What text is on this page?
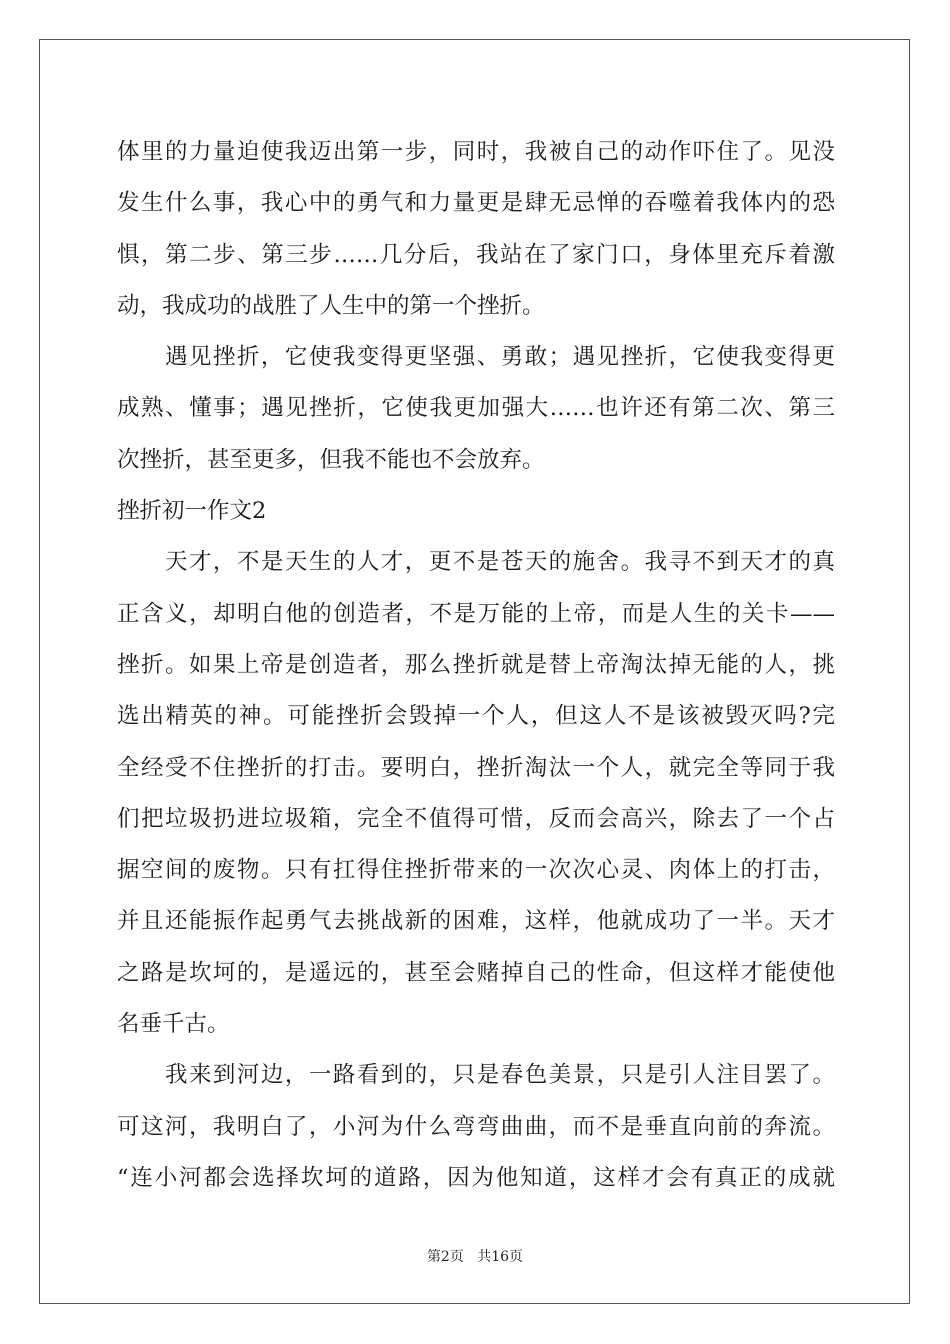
体里的力量迫使我迈出第一步，同时，我被自己的动作吓住了。见没
发生什么事，我心中的勇气和力量更是肆无忌惮的吞噬着我体内的恐
惧，第二步、第三步……几分后，我站在了家门口，身体里充斥着激
动，我成功的战胜了人生中的第一个挫折。
　　遇见挫折，它使我变得更坚强、勇敢；遇见挫折，它使我变得更
成熟、懂事；遇见挫折，它使我更加强大……也许还有第二次、第三
次挫折，甚至更多，但我不能也不会放弃。
挫折初一作文2
　　天才，不是天生的人才，更不是苍天的施舍。我寻不到天才的真
正含义，却明白他的创造者，不是万能的上帝，而是人生的关卡——
挫折。如果上帝是创造者，那么挫折就是替上帝淘汰掉无能的人，挑
选出精英的神。可能挫折会毁掉一个人，但这人不是该被毁灭吗?完
全经受不住挫折的打击。要明白，挫折淘汰一个人，就完全等同于我
们把垃圾扔进垃圾箱，完全不值得可惜，反而会高兴，除去了一个占
据空间的废物。只有扛得住挫折带来的一次次心灵、肉体上的打击，
并且还能振作起勇气去挑战新的困难，这样，他就成功了一半。天才
之路是坎坷的，是遥远的，甚至会赌掉自己的性命，但这样才能使他
名垂千古。
　　我来到河边，一路看到的，只是春色美景，只是引人注目罢了。
可这河，我明白了，小河为什么弯弯曲曲，而不是垂直向前的奔流。
“连小河都会选择坎坷的道路，因为他知道，这样才会有真正的成就
第2页 共16页
